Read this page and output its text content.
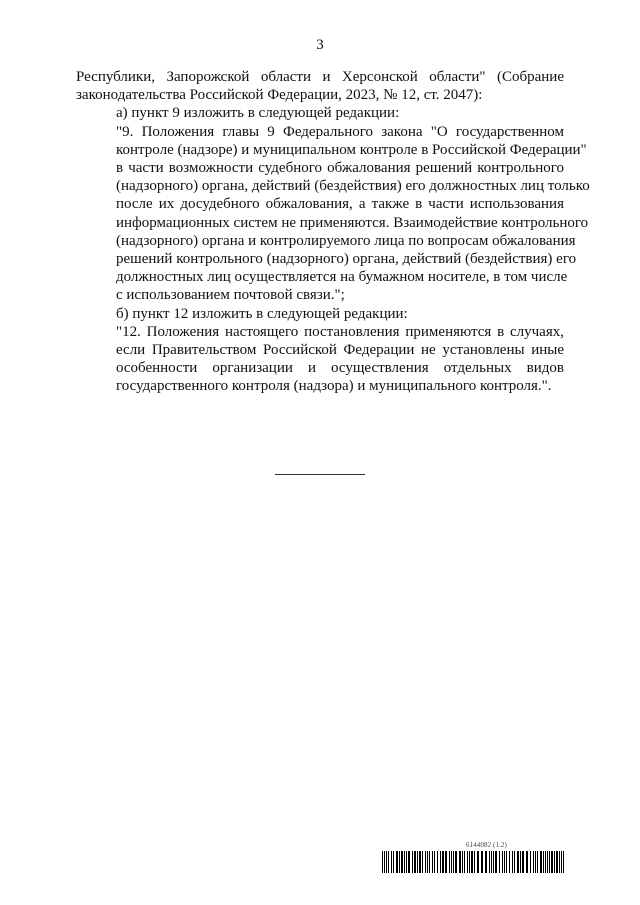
3

Республики, Запорожской области и Херсонской области" (Собрание
законодательства Российской Федерации, 2023, № 12, ст. 2047):

а) пункт 9 изложить в следующей редакции:

"9. Положения главы 9 Федерального закона "О государственном
контроле (надзоре) и муниципальном контроле в Российской Федерации"
в части возможности судебного обжалования решений контрольного
(надзорного) органа, действий (бездействия) его должностных лиц только
после их досудебного обжалования, а также в части использования
информационных систем не применяются. Взаимодействие контрольного
(надзорного) органа и контролируемого лица по вопросам обжалования
решений контрольного (надзорного) органа, действий (бездействия) его
должностных лиц осуществляется на бумажном носителе, в том числе
с использованием почтовой связи.";

б) пункт 12 изложить в следующей редакции:

"12. Положения настоящего постановления применяются в случаях,
если Правительством Российской Федерации не установлены иные
особенности организации и осуществления отдельных видов
государственного контроля (надзора) и муниципального контроля.".

6144082 (1.2)
